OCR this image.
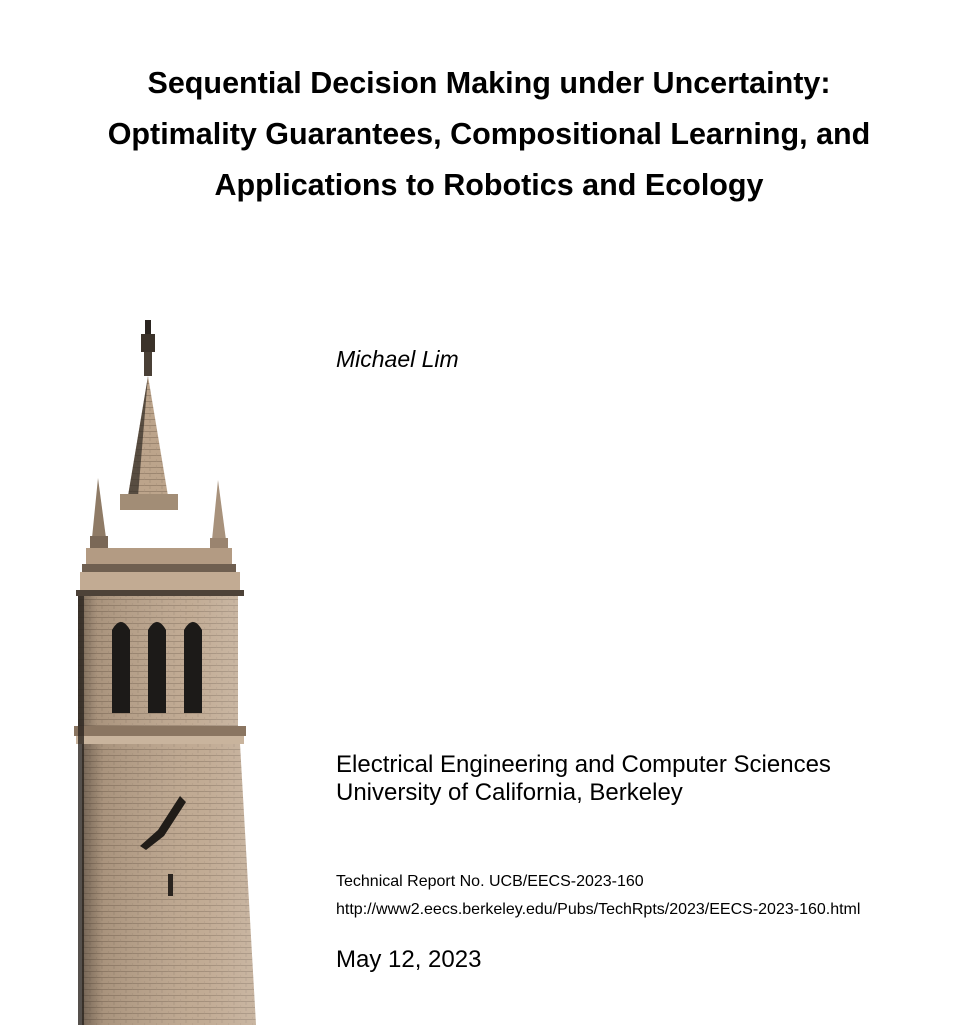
Sequential Decision Making under Uncertainty:
Optimality Guarantees, Compositional Learning, and
Applications to Robotics and Ecology
Michael Lim
Electrical Engineering and Computer Sciences
University of California, Berkeley
Technical Report No. UCB/EECS-2023-160
http://www2.eecs.berkeley.edu/Pubs/TechRpts/2023/EECS-2023-160.html
May 12, 2023
